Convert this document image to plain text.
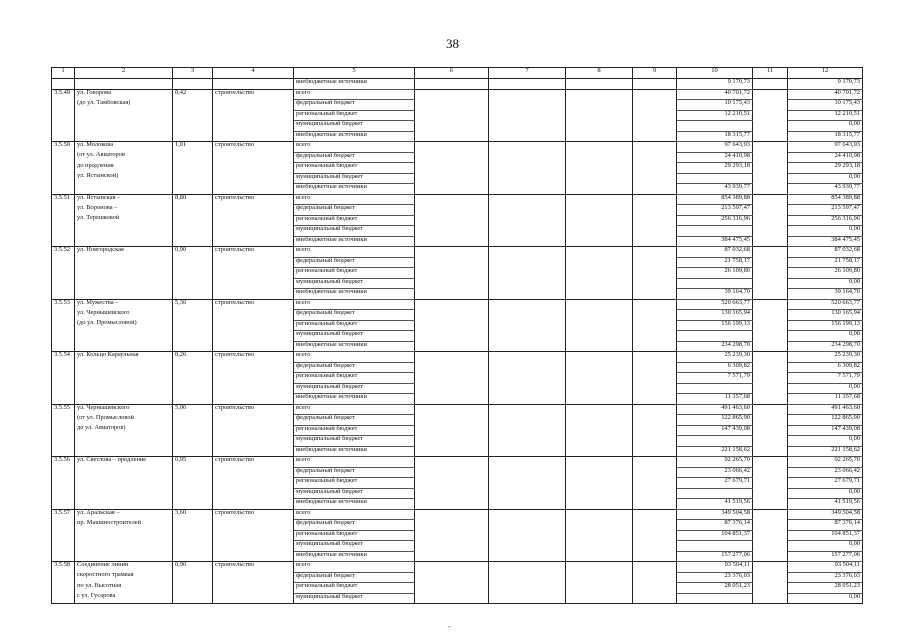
38
1	2	3	4	5	6	7	8	9	10	11	12
				внебюджетные источники					9 170,73		9 170,73
3.5.49	ул. Говорова	0,42	строительство	всего					40 701,72		40 701,72
	(до ул. Тамбовская)			федеральный бюджет					10 175,43		10 175,43
				региональный бюджет					12 210,51		12 210,51
				муниципальный бюджет							0,00
				внебюджетные источники					18 315,77		18 315,77
3.5.50	ул. Молокова	1,01	строительство	всего					97 643,93		97 643,93
	(от ул. Авиаторов			федеральный бюджет					24 410,98		24 410,98
	до продления			региональный бюджет					29 293,18		29 293,18
	ул. Ястынской)			муниципальный бюджет							0,00
				внебюджетные источники					43 939,77		43 939,77
3.5.51	ул. Ястынская –	8,80	строительство	всего					854 389,88		854 389,88
	ул. Воронова –			федеральный бюджет					213 597,47		213 597,47
	ул. Терешковой			региональный бюджет					256 316,96		256 316,96
				муниципальный бюджет							0,00
				внебюджетные источники					384 475,45		384 475,45
3.5.52	ул. Новгородская	0,90	строительство	всего					87 032,68		87 032,68
				федеральный бюджет					21 758,17		21 758,17
				региональный бюджет					26 109,80		26 109,80
				муниципальный бюджет							0,00
				внебюджетные источники					39 164,70		39 164,70
3.5.53	ул. Мужества –	5,36	строительство	всего					520 663,77		520 663,77
	ул. Чернышевского			федеральный бюджет					130 165,94		130 165,94
	(до ул. Промысловой)			региональный бюджет					156 199,13		156 199,13
				муниципальный бюджет							0,00
				внебюджетные источники					234 298,70		234 298,70
3.5.54	ул. Кольцо Караульная	0,26	строительство	всего					25 239,30		25 239,30
				федеральный бюджет					6 309,82		6 309,82
				региональный бюджет					7 571,79		7 571,79
				муниципальный бюджет							0,00
				внебюджетные источники					11 357,68		11 357,68
3.5.55	ул. Чернышевского	5,06	строительство	всего					491 463,60		491 463,60
	(от ул. Промысловой			федеральный бюджет					122 865,90		122 865,90
	до ул. Авиаторов)			региональный бюджет					147 439,08		147 439,08
				муниципальный бюджет							0,00
				внебюджетные источники					221 158,62		221 158,62
3.5.56	ул. Светлова – продление	0,95	строительство	всего					92 265,70		92 265,70
				федеральный бюджет					23 066,42		23 066,42
				региональный бюджет					27 679,71		27 679,71
				муниципальный бюджет							0,00
				внебюджетные источники					41 519,56		41 519,56
3.5.57	ул. Аральская –	3,60	строительство	всего					349 504,58		349 504,58
	пр. Машиностроителей			федеральный бюджет					87 376,14		87 376,14
				региональный бюджет					104 851,37		104 851,37
				муниципальный бюджет							0,00
				внебюджетные источники					157 277,06		157 277,06
3.5.58	Соединение линии	0,96	строительство	всего					93 504,11		93 504,11
	скоростного трамвая			федеральный бюджет					23 376,03		23 376,03
	по ул. Высотная			региональный бюджет					28 051,23		28 051,23
	с ул. Гусарова			муниципальный бюджет							0,00
-
